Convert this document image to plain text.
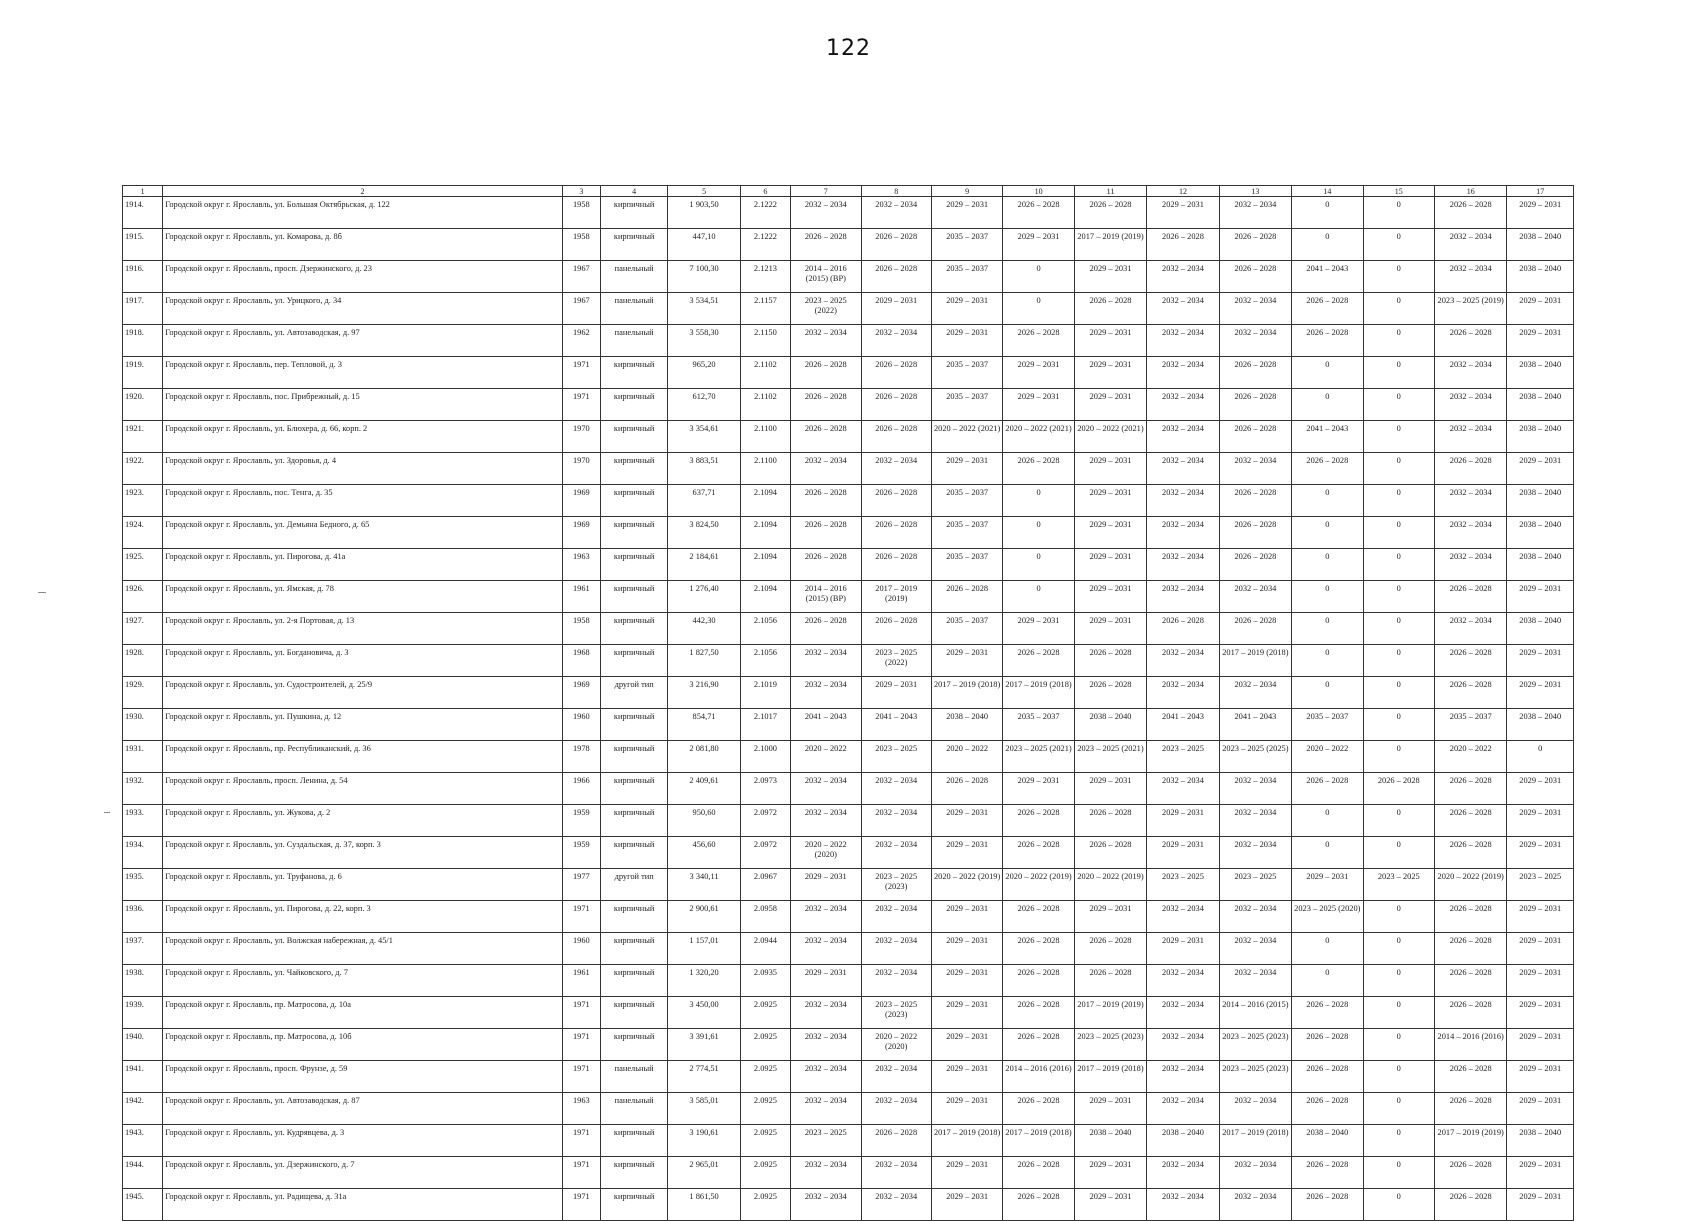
122
1	2	3	4	5	6	7	8	9	10	11	12	13	14	15	16	17
1914.	Городской округ г. Ярославль, ул. Большая Октябрьская, д. 122	1958	кирпичный	1 903,50	2.1222	2032 – 2034	2032 – 2034	2029 – 2031	2026 – 2028	2026 – 2028	2029 – 2031	2032 – 2034	0	0	2026 – 2028	2029 – 2031
1915.	Городской округ г. Ярославль, ул. Комарова, д. 8б	1958	кирпичный	447,10	2.1222	2026 – 2028	2026 – 2028	2035 – 2037	2029 – 2031	2017 – 2019 (2019)	2026 – 2028	2026 – 2028	0	0	2032 – 2034	2038 – 2040
1916.	Городской округ г. Ярославль, просп. Дзержинского, д. 23	1967	панельный	7 100,30	2.1213	2014 – 2016 (2015) (ВР)	2026 – 2028	2035 – 2037	0	2029 – 2031	2032 – 2034	2026 – 2028	2041 – 2043	0	2032 – 2034	2038 – 2040
1917.	Городской округ г. Ярославль, ул. Урицкого, д. 34	1967	панельный	3 534,51	2.1157	2023 – 2025 (2022)	2029 – 2031	2029 – 2031	0	2026 – 2028	2032 – 2034	2032 – 2034	2026 – 2028	0	2023 – 2025 (2019)	2029 – 2031
1918.	Городской округ г. Ярославль, ул. Автозаводская, д. 97	1962	панельный	3 558,30	2.1150	2032 – 2034	2032 – 2034	2029 – 2031	2026 – 2028	2029 – 2031	2032 – 2034	2032 – 2034	2026 – 2028	0	2026 – 2028	2029 – 2031
1919.	Городской округ г. Ярославль, пер. Тепловой, д. 3	1971	кирпичный	965,20	2.1102	2026 – 2028	2026 – 2028	2035 – 2037	2029 – 2031	2029 – 2031	2032 – 2034	2026 – 2028	0	0	2032 – 2034	2038 – 2040
1920.	Городской округ г. Ярославль, пос. Прибрежный, д. 15	1971	кирпичный	612,70	2.1102	2026 – 2028	2026 – 2028	2035 – 2037	2029 – 2031	2029 – 2031	2032 – 2034	2026 – 2028	0	0	2032 – 2034	2038 – 2040
1921.	Городской округ г. Ярославль, ул. Блюхера, д. 66, корп. 2	1970	кирпичный	3 354,61	2.1100	2026 – 2028	2026 – 2028	2020 – 2022 (2021)	2020 – 2022 (2021)	2020 – 2022 (2021)	2032 – 2034	2026 – 2028	2041 – 2043	0	2032 – 2034	2038 – 2040
1922.	Городской округ г. Ярославль, ул. Здоровья, д. 4	1970	кирпичный	3 883,51	2.1100	2032 – 2034	2032 – 2034	2029 – 2031	2026 – 2028	2029 – 2031	2032 – 2034	2032 – 2034	2026 – 2028	0	2026 – 2028	2029 – 2031
1923.	Городской округ г. Ярославль, пос. Тенга, д. 35	1969	кирпичный	637,71	2.1094	2026 – 2028	2026 – 2028	2035 – 2037	0	2029 – 2031	2032 – 2034	2026 – 2028	0	0	2032 – 2034	2038 – 2040
1924.	Городской округ г. Ярославль, ул. Демьяна Бедного, д. 65	1969	кирпичный	3 824,50	2.1094	2026 – 2028	2026 – 2028	2035 – 2037	0	2029 – 2031	2032 – 2034	2026 – 2028	0	0	2032 – 2034	2038 – 2040
1925.	Городской округ г. Ярославль, ул. Пирогова, д. 41а	1963	кирпичный	2 184,61	2.1094	2026 – 2028	2026 – 2028	2035 – 2037	0	2029 – 2031	2032 – 2034	2026 – 2028	0	0	2032 – 2034	2038 – 2040
1926.	Городской округ г. Ярославль, ул. Ямская, д. 78	1961	кирпичный	1 276,40	2.1094	2014 – 2016 (2015) (ВР)	2017 – 2019 (2019)	2026 – 2028	0	2029 – 2031	2032 – 2034	2032 – 2034	0	0	2026 – 2028	2029 – 2031
1927.	Городской округ г. Ярославль, ул. 2-я Портовая, д. 13	1958	кирпичный	442,30	2.1056	2026 – 2028	2026 – 2028	2035 – 2037	2029 – 2031	2029 – 2031	2026 – 2028	2026 – 2028	0	0	2032 – 2034	2038 – 2040
1928.	Городской округ г. Ярославль, ул. Богдановича, д. 3	1968	кирпичный	1 827,50	2.1056	2032 – 2034	2023 – 2025 (2022)	2029 – 2031	2026 – 2028	2026 – 2028	2032 – 2034	2017 – 2019 (2018)	0	0	2026 – 2028	2029 – 2031
1929.	Городской округ г. Ярославль, ул. Судостроителей, д. 25/9	1969	другой тип	3 216,90	2.1019	2032 – 2034	2029 – 2031	2017 – 2019 (2018)	2017 – 2019 (2018)	2026 – 2028	2032 – 2034	2032 – 2034	0	0	2026 – 2028	2029 – 2031
1930.	Городской округ г. Ярославль, ул. Пушкина, д. 12	1960	кирпичный	854,71	2.1017	2041 – 2043	2041 – 2043	2038 – 2040	2035 – 2037	2038 – 2040	2041 – 2043	2041 – 2043	2035 – 2037	0	2035 – 2037	2038 – 2040
1931.	Городской округ г. Ярославль, пр. Республиканский, д. 36	1978	кирпичный	2 081,80	2.1000	2020 – 2022	2023 – 2025	2020 – 2022	2023 – 2025 (2021)	2023 – 2025 (2021)	2023 – 2025	2023 – 2025 (2025)	2020 – 2022	0	2020 – 2022	0
1932.	Городской округ г. Ярославль, просп. Ленина, д. 54	1966	кирпичный	2 409,61	2.0973	2032 – 2034	2032 – 2034	2026 – 2028	2029 – 2031	2029 – 2031	2032 – 2034	2032 – 2034	2026 – 2028	2026 – 2028	2026 – 2028	2029 – 2031
1933.	Городской округ г. Ярославль, ул. Жукова, д. 2	1959	кирпичный	950,60	2.0972	2032 – 2034	2032 – 2034	2029 – 2031	2026 – 2028	2026 – 2028	2029 – 2031	2032 – 2034	0	0	2026 – 2028	2029 – 2031
1934.	Городской округ г. Ярославль, ул. Суздальская, д. 37, корп. 3	1959	кирпичный	456,60	2.0972	2020 – 2022 (2020)	2032 – 2034	2029 – 2031	2026 – 2028	2026 – 2028	2029 – 2031	2032 – 2034	0	0	2026 – 2028	2029 – 2031
1935.	Городской округ г. Ярославль, ул. Труфанова, д. 6	1977	другой тип	3 340,11	2.0967	2029 – 2031	2023 – 2025 (2023)	2020 – 2022 (2019)	2020 – 2022 (2019)	2020 – 2022 (2019)	2023 – 2025	2023 – 2025	2029 – 2031	2023 – 2025	2020 – 2022 (2019)	2023 – 2025
1936.	Городской округ г. Ярославль, ул. Пирогова, д. 22, корп. 3	1971	кирпичный	2 900,61	2.0958	2032 – 2034	2032 – 2034	2029 – 2031	2026 – 2028	2029 – 2031	2032 – 2034	2032 – 2034	2023 – 2025 (2020)	0	2026 – 2028	2029 – 2031
1937.	Городской округ г. Ярославль, ул. Волжская набережная, д. 45/1	1960	кирпичный	1 157,01	2.0944	2032 – 2034	2032 – 2034	2029 – 2031	2026 – 2028	2026 – 2028	2029 – 2031	2032 – 2034	0	0	2026 – 2028	2029 – 2031
1938.	Городской округ г. Ярославль, ул. Чайковского, д. 7	1961	кирпичный	1 320,20	2.0935	2029 – 2031	2032 – 2034	2029 – 2031	2026 – 2028	2026 – 2028	2032 – 2034	2032 – 2034	0	0	2026 – 2028	2029 – 2031
1939.	Городской округ г. Ярославль, пр. Матросова, д. 10а	1971	кирпичный	3 450,00	2.0925	2032 – 2034	2023 – 2025 (2023)	2029 – 2031	2026 – 2028	2017 – 2019 (2019)	2032 – 2034	2014 – 2016 (2015)	2026 – 2028	0	2026 – 2028	2029 – 2031
1940.	Городской округ г. Ярославль, пр. Матросова, д. 10б	1971	кирпичный	3 391,61	2.0925	2032 – 2034	2020 – 2022 (2020)	2029 – 2031	2026 – 2028	2023 – 2025 (2023)	2032 – 2034	2023 – 2025 (2023)	2026 – 2028	0	2014 – 2016 (2016)	2029 – 2031
1941.	Городской округ г. Ярославль, просп. Фрунзе, д. 59	1971	панельный	2 774,51	2.0925	2032 – 2034	2032 – 2034	2029 – 2031	2014 – 2016 (2016)	2017 – 2019 (2018)	2032 – 2034	2023 – 2025 (2023)	2026 – 2028	0	2026 – 2028	2029 – 2031
1942.	Городской округ г. Ярославль, ул. Автозаводская, д. 87	1963	панельный	3 585,01	2.0925	2032 – 2034	2032 – 2034	2029 – 2031	2026 – 2028	2029 – 2031	2032 – 2034	2032 – 2034	2026 – 2028	0	2026 – 2028	2029 – 2031
1943.	Городской округ г. Ярославль, ул. Кудрявцева, д. 3	1971	кирпичный	3 190,61	2.0925	2023 – 2025	2026 – 2028	2017 – 2019 (2018)	2017 – 2019 (2018)	2038 – 2040	2038 – 2040	2017 – 2019 (2018)	2038 – 2040	0	2017 – 2019 (2019)	2038 – 2040
1944.	Городской округ г. Ярославль, ул. Дзержинского, д. 7	1971	кирпичный	2 965,01	2.0925	2032 – 2034	2032 – 2034	2029 – 2031	2026 – 2028	2029 – 2031	2032 – 2034	2032 – 2034	2026 – 2028	0	2026 – 2028	2029 – 2031
1945.	Городской округ г. Ярославль, ул. Радищева, д. 31а	1971	кирпичный	1 861,50	2.0925	2032 – 2034	2032 – 2034	2029 – 2031	2026 – 2028	2029 – 2031	2032 – 2034	2032 – 2034	2026 – 2028	0	2026 – 2028	2029 – 2031
